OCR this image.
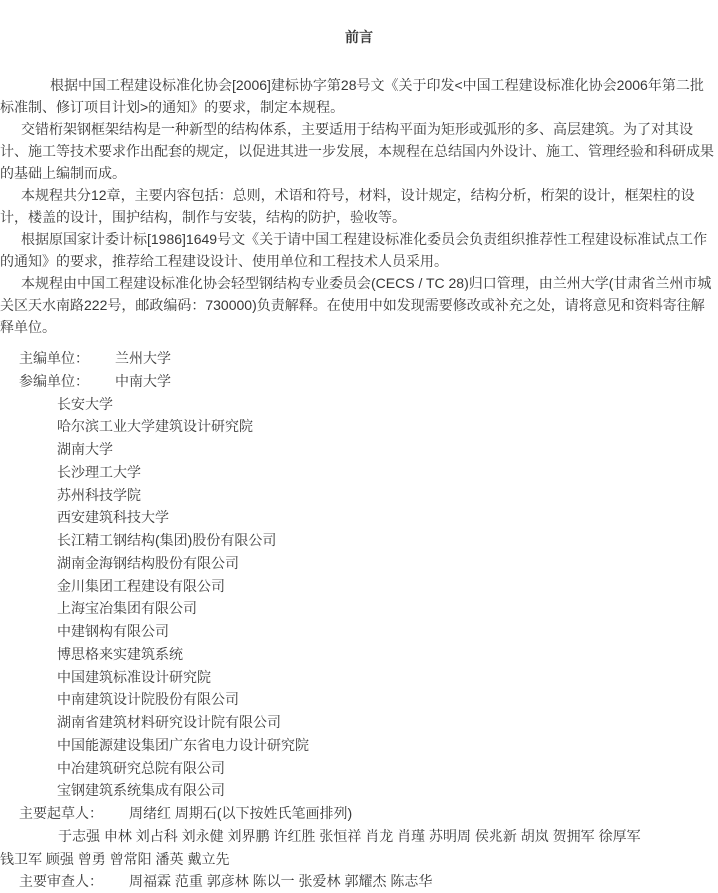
前言
根据中国工程建设标准化协会[2006]建标协字第28号文《关于印发<中国工程建设标准化协会2006年第二批
标准制、修订项目计划>的通知》的要求，制定本规程。
交错桁架钢框架结构是一种新型的结构体系，主要适用于结构平面为矩形或弧形的多、高层建筑。为了对其设
计、施工等技术要求作出配套的规定，以促进其进一步发展，本规程在总结国内外设计、施工、管理经验和科研成果
的基础上编制而成。
本规程共分12章，主要内容包括：总则，术语和符号，材料，设计规定，结构分析，桁架的设计，框架柱的设
计，楼盖的设计，围护结构，制作与安装，结构的防护，验收等。
根据原国家计委计标[1986]1649号文《关于请中国工程建设标准化委员会负责组织推荐性工程建设标准试点工作
的通知》的要求，推荐给工程建设设计、使用单位和工程技术人员采用。
本规程由中国工程建设标准化协会轻型钢结构专业委员会(CECS / TC 28)归口管理，由兰州大学(甘肃省兰州市城
关区天水南路222号，邮政编码：730000)负责解释。在使用中如发现需要修改或补充之处，请将意见和资料寄往解
释单位。
主编单位： 兰州大学
参编单位： 中南大学
长安大学
哈尔滨工业大学建筑设计研究院
湖南大学
长沙理工大学
苏州科技学院
西安建筑科技大学
长江精工钢结构(集团)股份有限公司
湖南金海钢结构股份有限公司
金川集团工程建设有限公司
上海宝冶集团有限公司
中建钢构有限公司
博思格来实建筑系统
中国建筑标准设计研究院
中南建筑设计院股份有限公司
湖南省建筑材料研究设计院有限公司
中国能源建设集团广东省电力设计研究院
中冶建筑研究总院有限公司
宝钢建筑系统集成有限公司
主要起草人： 周绪红 周期石(以下按姓氏笔画排列)
于志强 申林 刘占科 刘永健 刘界鹏 许红胜 张恒祥 肖龙 肖瑾 苏明周 侯兆新 胡岚 贺拥军 徐厚军
钱卫军 顾强 曾勇 曾常阳 潘英 戴立先
主要审查人： 周福霖 范重 郭彦林 陈以一 张爱林 郭耀杰 陈志华
